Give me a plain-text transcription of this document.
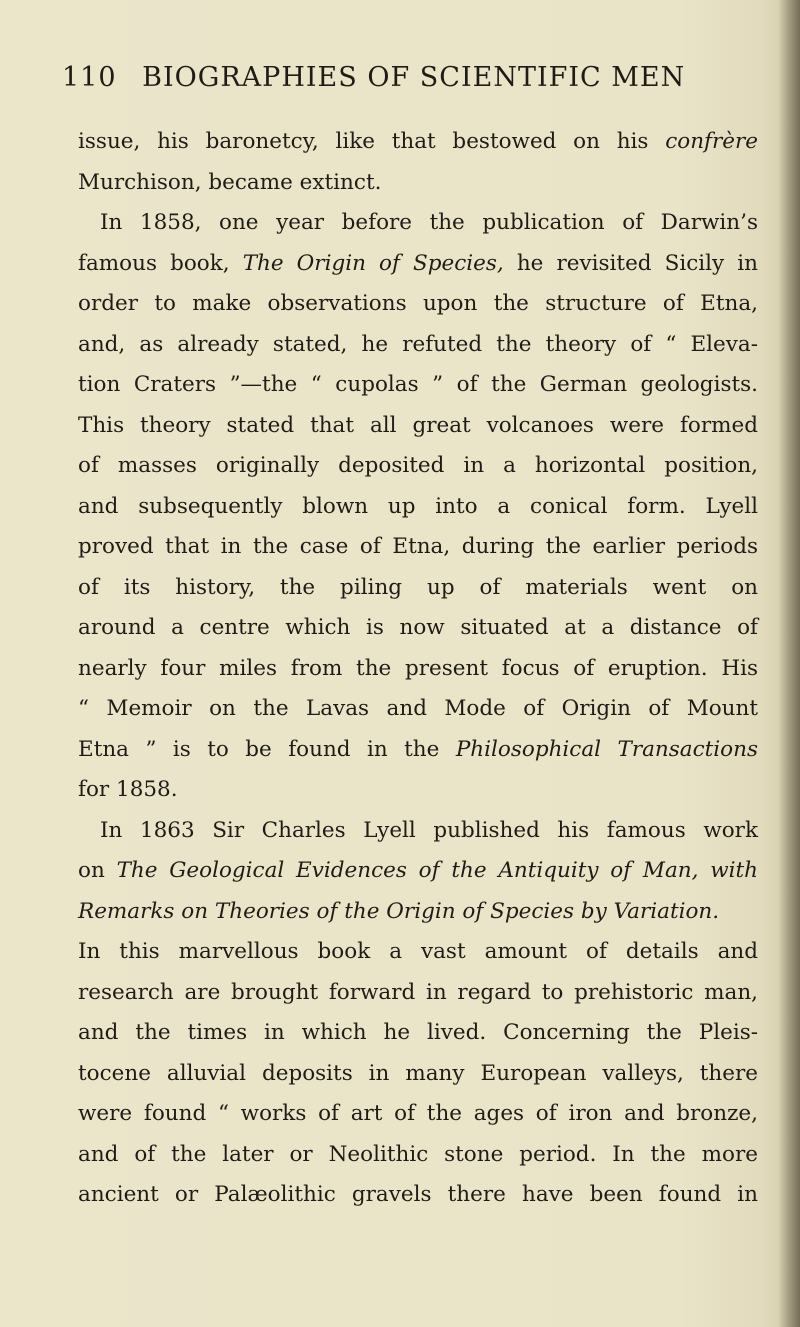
110 BIOGRAPHIES OF SCIENTIFIC MEN
issue, his baronetcy, like that bestowed on his confrère
Murchison, became extinct.
In 1858, one year before the publication of Darwin’s
famous book, The Origin of Species, he revisited Sicily in
order to make observations upon the structure of Etna,
and, as already stated, he refuted the theory of “ Eleva-
tion Craters ”—the “ cupolas ” of the German geologists.
This theory stated that all great volcanoes were formed
of masses originally deposited in a horizontal position,
and subsequently blown up into a conical form. Lyell
proved that in the case of Etna, during the earlier periods
of its history, the piling up of materials went on
around a centre which is now situated at a distance of
nearly four miles from the present focus of eruption. His
“ Memoir on the Lavas and Mode of Origin of Mount
Etna ” is to be found in the Philosophical Transactions
for 1858.
In 1863 Sir Charles Lyell published his famous work
on The Geological Evidences of the Antiquity of Man, with
Remarks on Theories of the Origin of Species by Variation.
In this marvellous book a vast amount of details and
research are brought forward in regard to prehistoric man,
and the times in which he lived. Concerning the Pleis-
tocene alluvial deposits in many European valleys, there
were found “ works of art of the ages of iron and bronze,
and of the later or Neolithic stone period. In the more
ancient or Palæolithic gravels there have been found in
